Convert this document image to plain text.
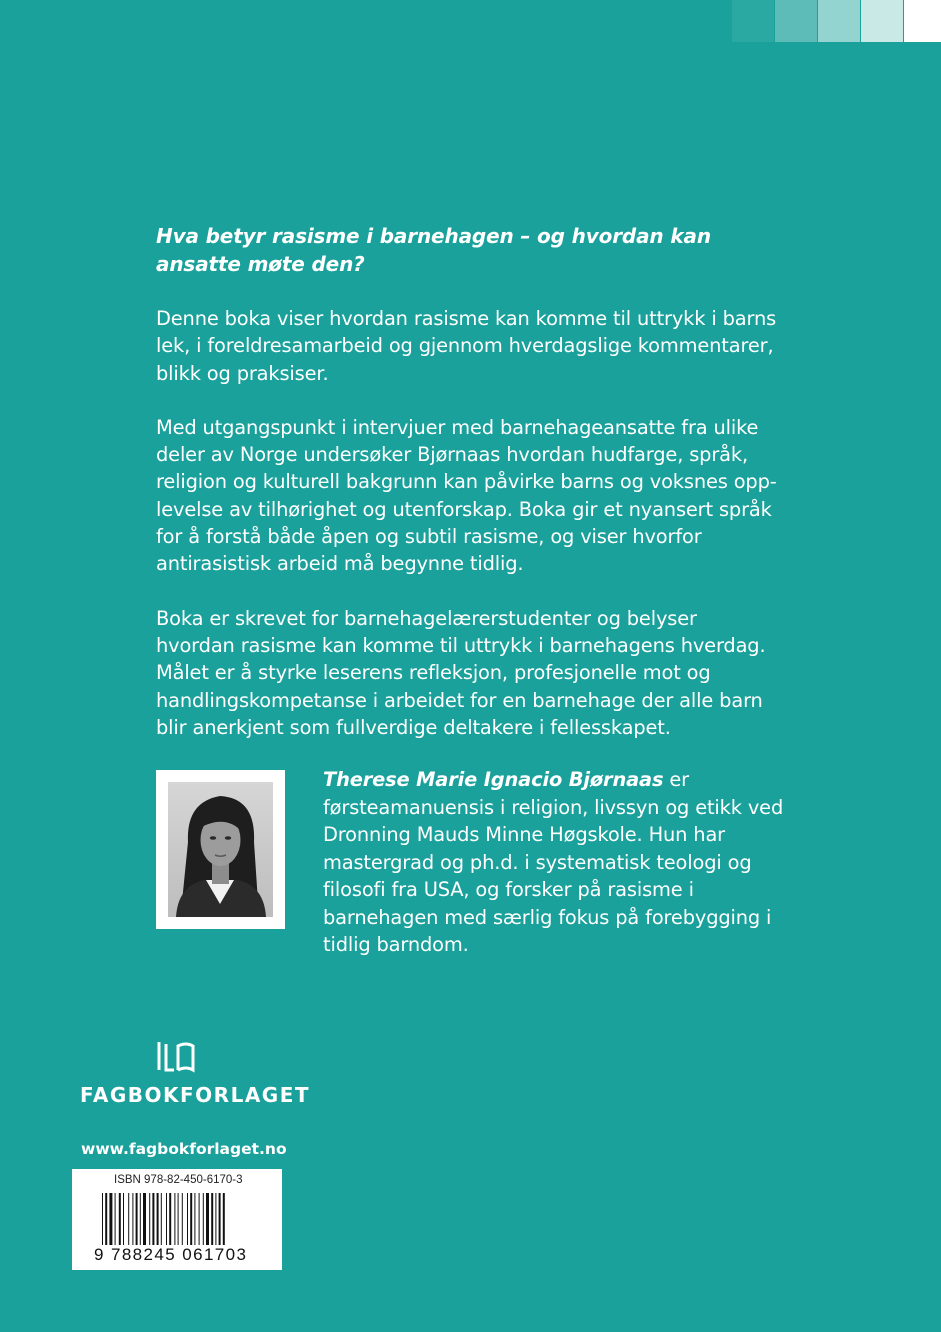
Hva betyr rasisme i barnehagen – og hvordan kan ansatte møte den?

Denne boka viser hvordan rasisme kan komme til uttrykk i barns lek, i foreldresamarbeid og gjennom hverdagslige kommentarer, blikk og praksiser.

Med utgangspunkt i intervjuer med barnehageansatte fra ulike deler av Norge undersøker Bjørnaas hvordan hudfarge, språk, religion og kulturell bakgrunn kan påvirke barns og voksnes opplevelse av tilhørighet og utenforskap. Boka gir et nyansert språk for å forstå både åpen og subtil rasisme, og viser hvorfor antirasistisk arbeid må begynne tidlig.

Boka er skrevet for barnehagelærerstudenter og belyser hvordan rasisme kan komme til uttrykk i barnehagens hverdag. Målet er å styrke leserens refleksjon, profesjonelle mot og handlingskompetanse i arbeidet for en barnehage der alle barn blir anerkjent som fullverdige deltakere i fellesskapet.

Therese Marie Ignacio Bjørnaas er førsteamanuensis i religion, livssyn og etikk ved Dronning Mauds Minne Høgskole. Hun har mastergrad og ph.d. i systematisk teologi og filosofi fra USA, og forsker på rasisme i barnehagen med særlig fokus på forebygging i tidlig barndom.

FAGBOKFORLAGET
www.fagbokforlaget.no
ISBN 978-82-450-6170-3
9 788245 061703
